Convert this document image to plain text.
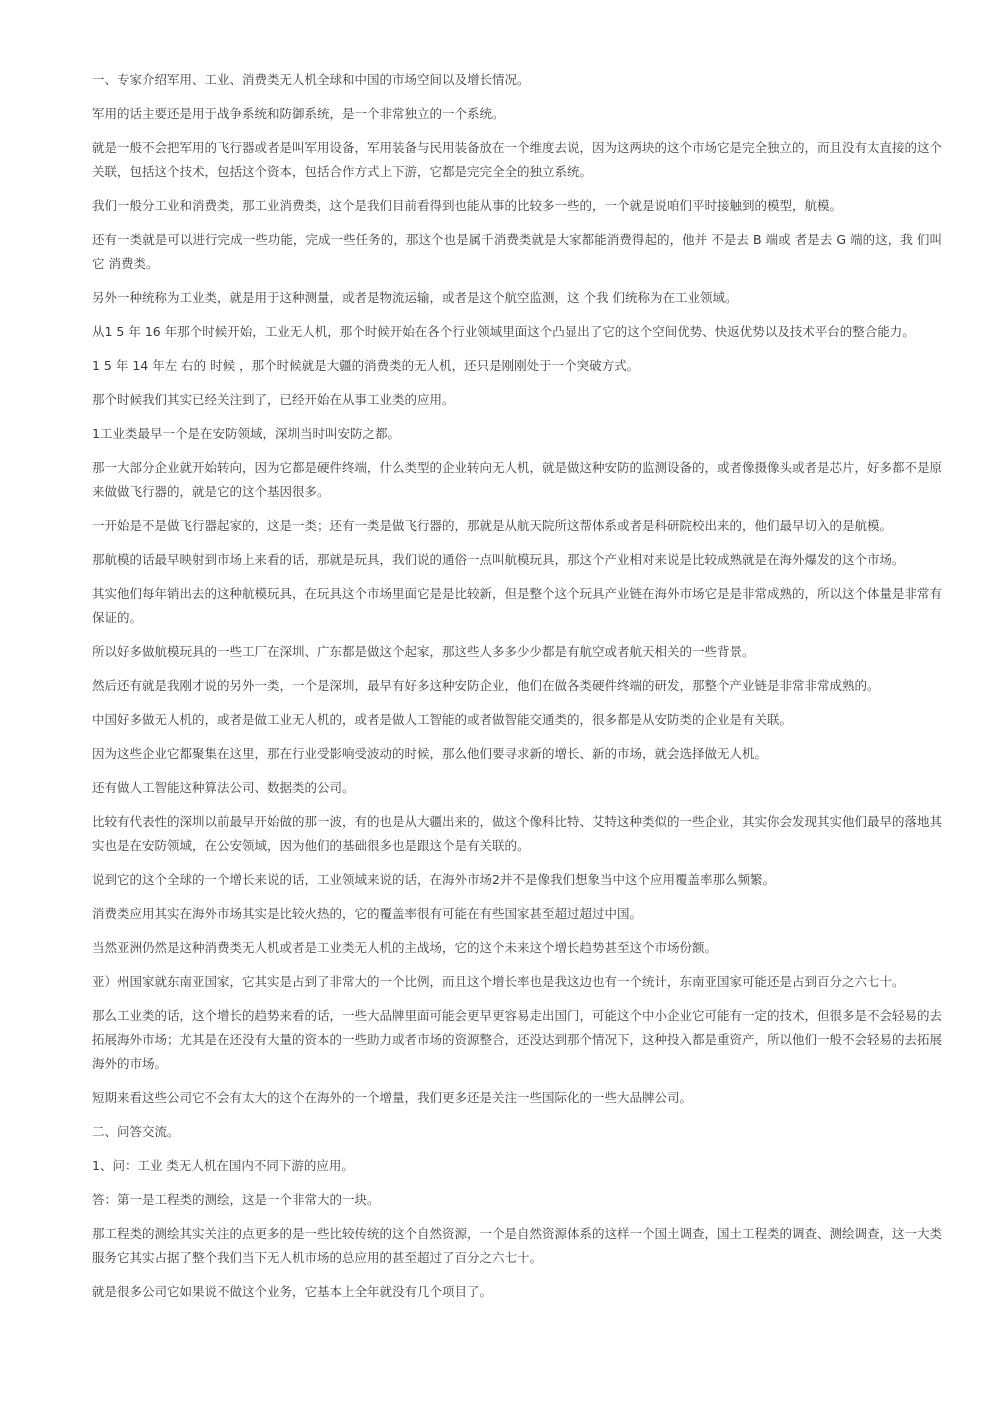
一、专家介绍军用、工业、消费类无人机全球和中国的市场空间以及增长情况。

军用的话主要还是用于战争系统和防御系统，是一个非常独立的一个系统。

就是一般不会把军用的飞行器或者是叫军用设备，军用装备与民用装备放在一个维度去说，因为这两块的这个市场它是完全独立的，而且没有太直接的这个关联，包括这个技术，包括这个资本，包括合作方式上下游，它都是完完全全的独立系统。

我们一般分工业和消费类，那工业消费类，这个是我们目前看得到也能从事的比较多一些的，一个就是说咱们平时接触到的模型，航模。

还有一类就是可以进行完成一些功能，完成一些任务的，那这个也是属千消费类就是大家都能消费得起的，他并 不是去 B 端或 者是去 G 端的这，我 们叫它 消费类。

另外一种统称为工业类，就是用于这种测量，或者是物流运输，或者是这个航空监测，这 个我 们统称为在工业领域。

从1 5 年 16 年那个时候开始，工业无人机，那个时候开始在各个行业领域里面这个凸显出了它的这个空间优势、快返优势以及技术平台的整合能力。

1 5 年 14 年左 右的 时候 ，那个时候就是大疆的消费类的无人机，还只是刚刚处于一个突破方式。

那个时候我们其实已经关注到了，已经开始在从事工业类的应用。

1工业类最早一个是在安防领域，深圳当时叫安防之都。

那一大部分企业就开始转向，因为它都是硬件终端，什么类型的企业转向无人机，就是做这种安防的监测设备的，或者像摄像头或者是芯片，好多都不是原来做做飞行器的，就是它的这个基因很多。

一开始是不是做飞行器起家的，这是一类；还有一类是做飞行器的，那就是从航天院所这帮体系或者是科研院校出来的，他们最早切入的是航模。

那航模的话最早映射到市场上来看的话，那就是玩具，我们说的通俗一点叫航模玩具，那这个产业相对来说是比较成熟就是在海外爆发的这个市场。

其实他们每年销出去的这种航模玩具，在玩具这个市场里面它是是比较新，但是整个这个玩具产业链在海外市场它是是非常成熟的，所以这个体量是非常有保证的。

所以好多做航模玩具的一些工厂在深圳、广东都是做这个起家，那这些人多多少少都是有航空或者航天相关的一些背景。

然后还有就是我刚才说的另外一类，一个是深圳，最早有好多这种安防企业，他们在做各类硬件终端的研发，那整个产业链是非常非常成熟的。

中国好多做无人机的，或者是做工业无人机的，或者是做人工智能的或者做智能交通类的，很多都是从安防类的企业是有关联。

因为这些企业它都聚集在这里，那在行业受影响受波动的时候，那么他们要寻求新的增长、新的市场，就会选择做无人机。

还有做人工智能这种算法公司、数据类的公司。

比较有代表性的深圳以前最早开始做的那一波，有的也是从大疆出来的，做这个像科比特、艾特这种类似的一些企业，其实你会发现其实他们最早的落地其实也是在安防领域，在公安领域，因为他们的基础很多也是跟这个是有关联的。

说到它的这个全球的一个增长来说的话，工业领域来说的话，在海外市场2并不是像我们想象当中这个应用覆盖率那么频繁。

消费类应用其实在海外市场其实是比较火热的，它的覆盖率很有可能在有些国家甚至超过超过中国。

当然亚洲仍然是这种消费类无人机或者是工业类无人机的主战场，它的这个未来这个增长趋势甚至这个市场份额。

亚）州国家就东南亚国家，它其实是占到了非常大的一个比例，而且这个增长率也是我这边也有一个统计，东南亚国家可能还是占到百分之六七十。

那么工业类的话，这个增长的趋势来看的话，一些大品牌里面可能会更早更容易走出国门，可能这个中小企业它可能有一定的技术，但很多是不会轻易的去拓展海外市场；尤其是在还没有大量的资本的一些助力或者市场的资源整合，还没达到那个情况下，这种投入都是重资产，所以他们一般不会轻易的去拓展海外的市场。

短期来看这些公司它不会有太大的这个在海外的一个增量，我们更多还是关注一些国际化的一些大品牌公司。

二、问答交流。

1、问：工业 类无人机在国内不同下游的应用。

答：第一是工程类的测绘，这是一个非常大的一块。

那工程类的测绘其实关注的点更多的是一些比较传统的这个自然资源，一个是自然资源体系的这样一个国土调查，国土工程类的调查、测绘调查，这一大类服务它其实占据了整个我们当下无人机市场的总应用的甚至超过了百分之六七十。

就是很多公司它如果说不做这个业务，它基本上全年就没有几个项目了。
